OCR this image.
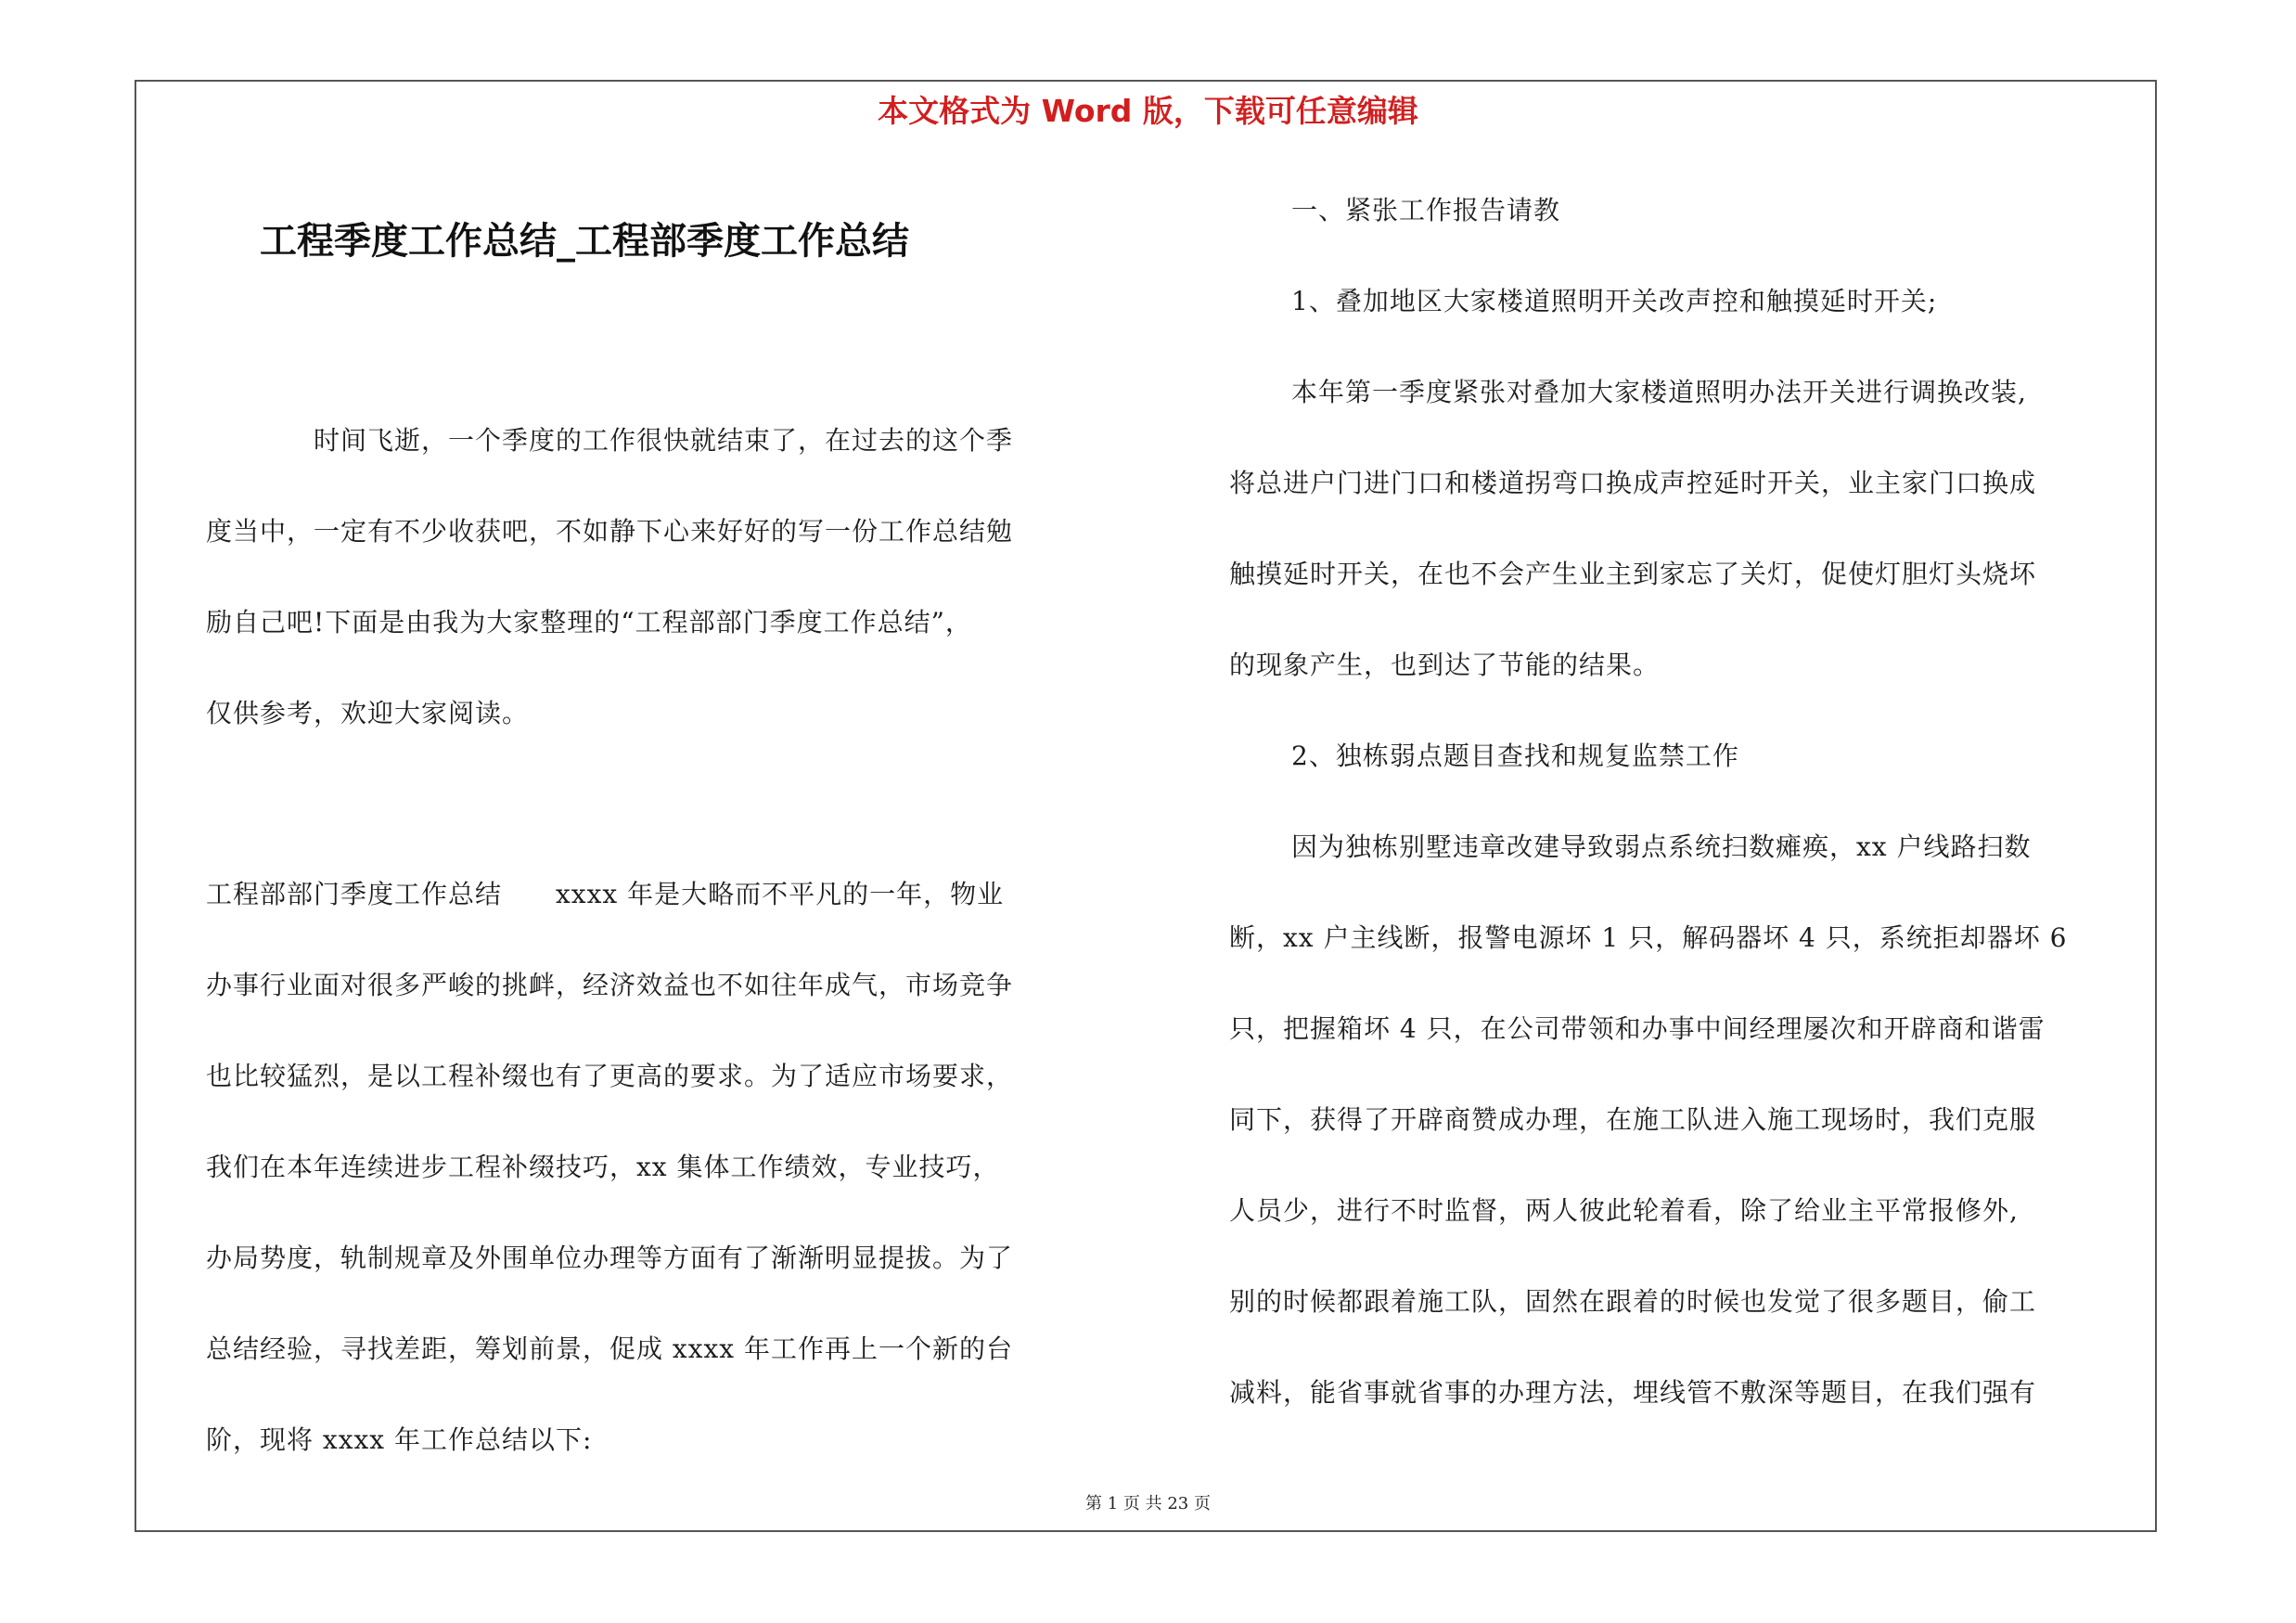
本文格式为 Word 版，下载可任意编辑
工程季度工作总结_工程部季度工作总结
时间飞逝，一个季度的工作很快就结束了，在过去的这个季
度当中，一定有不少收获吧，不如静下心来好好的写一份工作总结勉
励自己吧!下面是由我为大家整理的“工程部部门季度工作总结”，
仅供参考，欢迎大家阅读。
工程部部门季度工作总结　　xxxx 年是大略而不平凡的一年，物业
办事行业面对很多严峻的挑衅，经济效益也不如往年成气，市场竞争
也比较猛烈，是以工程补缀也有了更高的要求。为了适应市场要求，
我们在本年连续进步工程补缀技巧，xx 集体工作绩效，专业技巧，
办局势度，轨制规章及外围单位办理等方面有了渐渐明显提拔。为了
总结经验，寻找差距，筹划前景，促成 xxxx 年工作再上一个新的台
阶，现将 xxxx 年工作总结以下:
一、紧张工作报告请教
1、叠加地区大家楼道照明开关改声控和触摸延时开关;
本年第一季度紧张对叠加大家楼道照明办法开关进行调换改装,
将总进户门进门口和楼道拐弯口换成声控延时开关，业主家门口换成
触摸延时开关，在也不会产生业主到家忘了关灯，促使灯胆灯头烧坏
的现象产生，也到达了节能的结果。
2、独栋弱点题目查找和规复监禁工作
因为独栋别墅违章改建导致弱点系统扫数瘫痪，xx 户线路扫数
断，xx 户主线断，报警电源坏 1 只，解码器坏 4 只，系统拒却器坏 6
只，把握箱坏 4 只，在公司带领和办事中间经理屡次和开辟商和谐雷
同下，获得了开辟商赞成办理，在施工队进入施工现场时，我们克服
人员少，进行不时监督，两人彼此轮着看，除了给业主平常报修外,
别的时候都跟着施工队，固然在跟着的时候也发觉了很多题目，偷工
减料，能省事就省事的办理方法，埋线管不敷深等题目，在我们强有
第 1 页 共 23 页
